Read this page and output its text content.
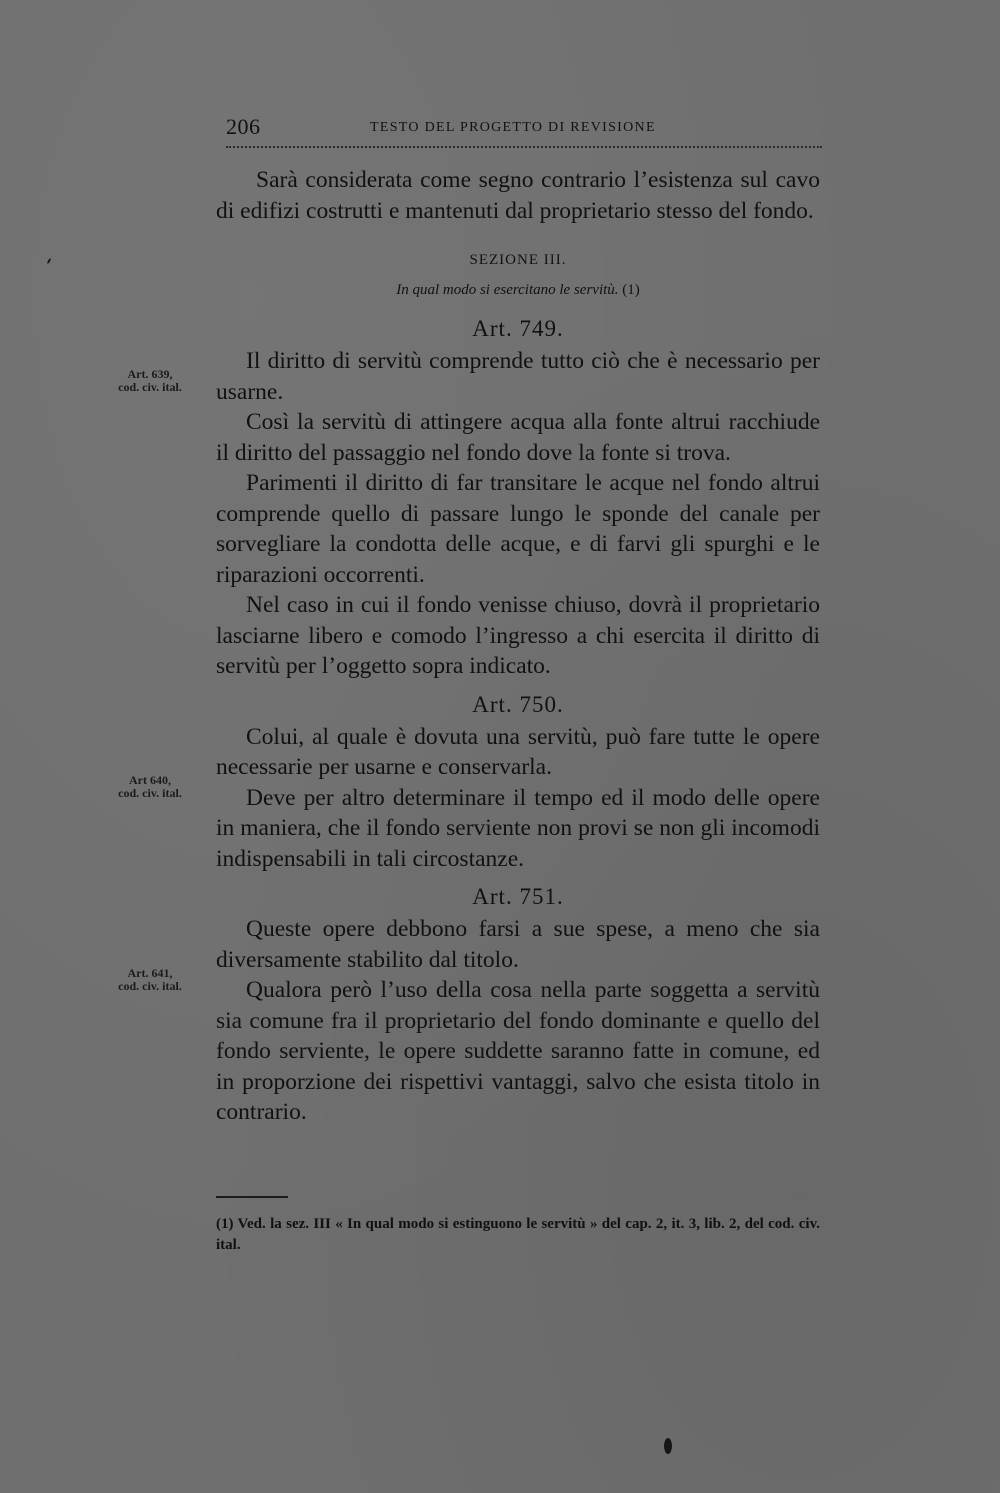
206	TESTO DEL PROGETTO DI REVISIONE
Art. 639,
cod. civ. ital.
Art 640,
cod. civ. ital.
Art. 641,
cod. civ. ital.

Sarà considerata come segno contrario l’esistenza sul cavo di edifizi costrutti e mantenuti dal proprietario stesso del fondo.

SEZIONE III.
In qual modo si esercitano le servitù. (1)
Art. 749.

Il diritto di servitù comprende tutto ciò che è necessario per usarne.

Così la servitù di attingere acqua alla fonte altrui racchiude il diritto del passaggio nel fondo dove la fonte si trova.

Parimenti il diritto di far transitare le acque nel fondo altrui comprende quello di passare lungo le sponde del canale per sorvegliare la condotta delle acque, e di farvi gli spurghi e le riparazioni occorrenti.

Nel caso in cui il fondo venisse chiuso, dovrà il proprietario lasciarne libero e comodo l’ingresso a chi esercita il diritto di servitù per l’oggetto sopra indicato.

Art. 750.

Colui, al quale è dovuta una servitù, può fare tutte le opere necessarie per usarne e conservarla.

Deve per altro determinare il tempo ed il modo delle opere in maniera, che il fondo serviente non provi se non gli incomodi indispensabili in tali circostanze.

Art. 751.

Queste opere debbono farsi a sue spese, a meno che sia diversamente stabilito dal titolo.

Qualora però l’uso della cosa nella parte soggetta a servitù sia comune fra il proprietario del fondo dominante e quello del fondo serviente, le opere suddette saranno fatte in comune, ed in proporzione dei rispettivi vantaggi, salvo che esista titolo in contrario.

(1) Ved. la sez. III « In qual modo si estinguono le servitù » del cap. 2, it. 3, lib. 2, del cod. civ. ital.
